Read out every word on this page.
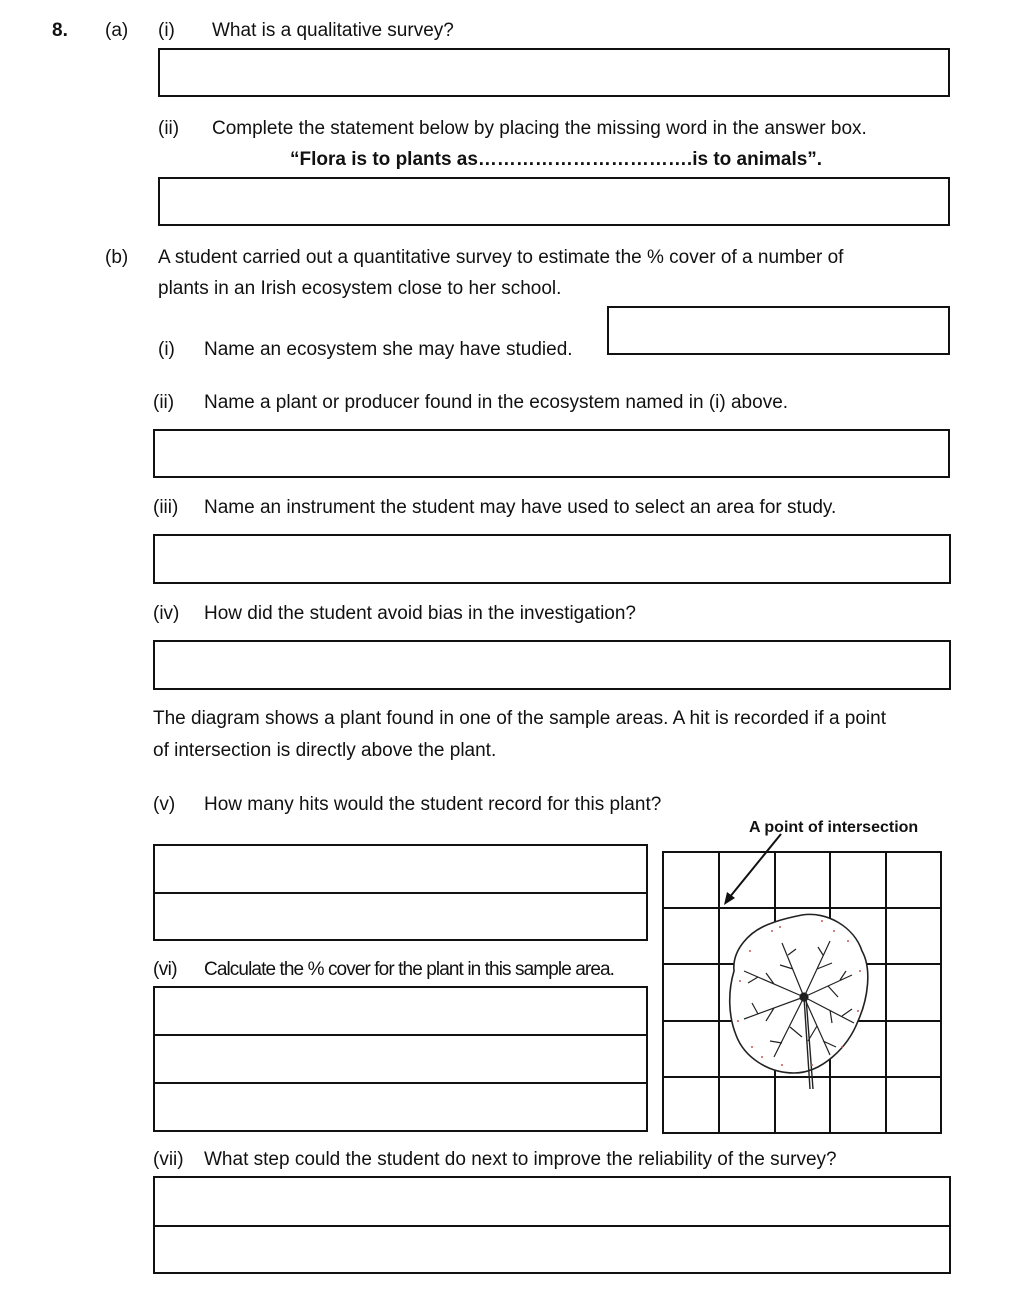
8. (a) (i) What is a qualitative survey?
(ii) Complete the statement below by placing the missing word in the answer box.
“Flora is to plants as…………………………….is to animals”.
(b) A student carried out a quantitative survey to estimate the % cover of a number of
plants in an Irish ecosystem close to her school.
(i) Name an ecosystem she may have studied.
(ii) Name a plant or producer found in the ecosystem named in (i) above.
(iii) Name an instrument the student may have used to select an area for study.
(iv) How did the student avoid bias in the investigation?
The diagram shows a plant found in one of the sample areas. A hit is recorded if a point
of intersection is directly above the plant.
(v) How many hits would the student record for this plant?
(vi) Calculate the % cover for the plant in this sample area.
A point of intersection
(vii) What step could the student do next to improve the reliability of the survey?
